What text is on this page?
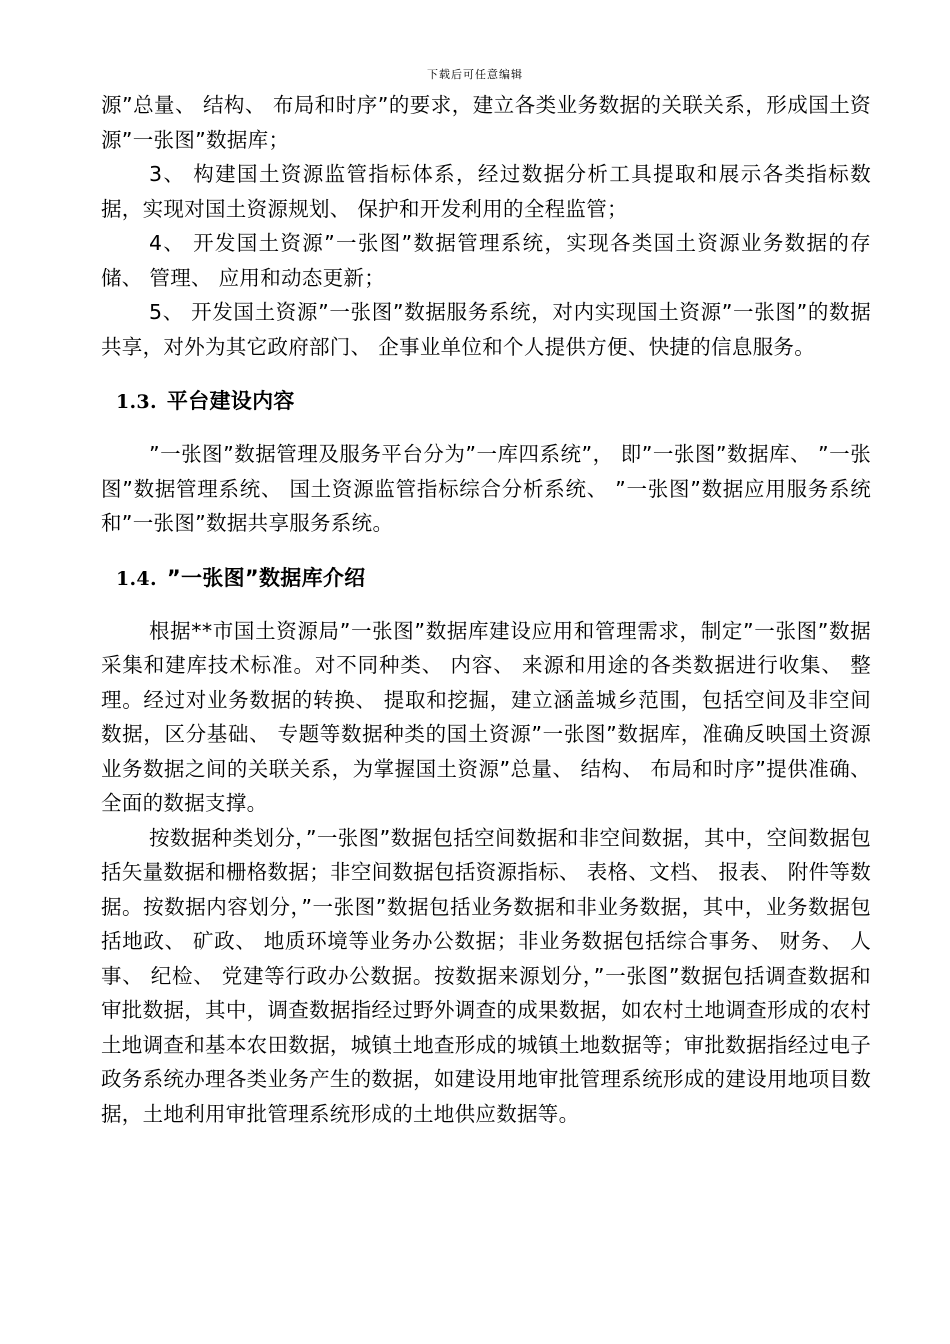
下载后可任意编辑

源”总量、 结构、 布局和时序”的要求，建立各类业务数据的关联关系，形成国土资源”一张图”数据库；

3、 构建国土资源监管指标体系，经过数据分析工具提取和展示各类指标数据，实现对国土资源规划、 保护和开发利用的全程监管；

4、 开发国土资源”一张图”数据管理系统，实现各类国土资源业务数据的存储、 管理、 应用和动态更新；

5、 开发国土资源”一张图”数据服务系统，对内实现国土资源”一张图”的数据共享，对外为其它政府部门、 企事业单位和个人提供方便、快捷的信息服务。

1.3. 平台建设内容

”一张图”数据管理及服务平台分为”一库四系统”， 即”一张图”数据库、 ”一张图”数据管理系统、 国土资源监管指标综合分析系统、 ”一张图”数据应用服务系统和”一张图”数据共享服务系统。

1.4. ”一张图”数据库介绍

根据**市国土资源局”一张图”数据库建设应用和管理需求，制定”一张图”数据采集和建库技术标准。对不同种类、 内容、 来源和用途的各类数据进行收集、 整理。经过对业务数据的转换、 提取和挖掘，建立涵盖城乡范围，包括空间及非空间数据，区分基础、 专题等数据种类的国土资源”一张图”数据库，准确反映国土资源业务数据之间的关联关系，为掌握国土资源”总量、 结构、 布局和时序”提供准确、 全面的数据支撑。

按数据种类划分，”一张图”数据包括空间数据和非空间数据，其中，空间数据包括矢量数据和栅格数据；非空间数据包括资源指标、 表格、文档、 报表、 附件等数据。按数据内容划分，”一张图”数据包括业务数据和非业务数据，其中，业务数据包括地政、 矿政、 地质环境等业务办公数据；非业务数据包括综合事务、 财务、 人事、 纪检、 党建等行政办公数据。按数据来源划分，”一张图”数据包括调查数据和审批数据，其中，调查数据指经过野外调查的成果数据，如农村土地调查形成的农村土地调查和基本农田数据，城镇土地查形成的城镇土地数据等；审批数据指经过电子政务系统办理各类业务产生的数据，如建设用地审批管理系统形成的建设用地项目数据，土地利用审批管理系统形成的土地供应数据等。
